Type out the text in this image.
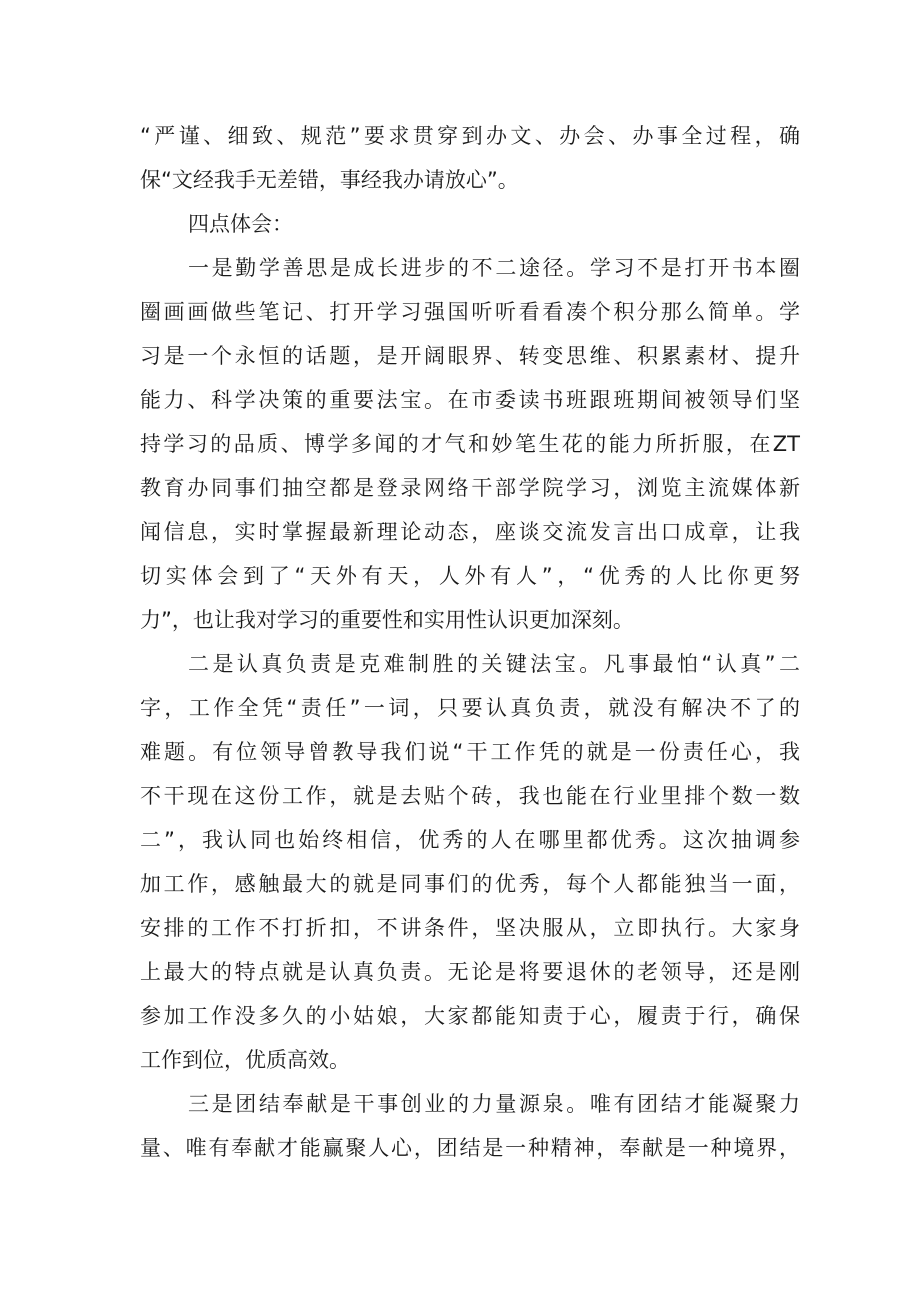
“严谨、细致、规范”要求贯穿到办文、办会、办事全过程，确
保“文经我手无差错，事经我办请放心”。
四点体会：
一是勤学善思是成长进步的不二途径。学习不是打开书本圈
圈画画做些笔记、打开学习强国听听看看凑个积分那么简单。学
习是一个永恒的话题，是开阔眼界、转变思维、积累素材、提升
能力、科学决策的重要法宝。在市委读书班跟班期间被领导们坚
持学习的品质、博学多闻的才气和妙笔生花的能力所折服，在ZT
教育办同事们抽空都是登录网络干部学院学习，浏览主流媒体新
闻信息，实时掌握最新理论动态，座谈交流发言出口成章，让我
切实体会到了“天外有天，人外有人”，“优秀的人比你更努
力”，也让我对学习的重要性和实用性认识更加深刻。
二是认真负责是克难制胜的关键法宝。凡事最怕“认真”二
字，工作全凭“责任”一词，只要认真负责，就没有解决不了的
难题。有位领导曾教导我们说“干工作凭的就是一份责任心，我
不干现在这份工作，就是去贴个砖，我也能在行业里排个数一数
二”，我认同也始终相信，优秀的人在哪里都优秀。这次抽调参
加工作，感触最大的就是同事们的优秀，每个人都能独当一面，
安排的工作不打折扣，不讲条件，坚决服从，立即执行。大家身
上最大的特点就是认真负责。无论是将要退休的老领导，还是刚
参加工作没多久的小姑娘，大家都能知责于心，履责于行，确保
工作到位，优质高效。
三是团结奉献是干事创业的力量源泉。唯有团结才能凝聚力
量、唯有奉献才能赢聚人心，团结是一种精神，奉献是一种境界，
